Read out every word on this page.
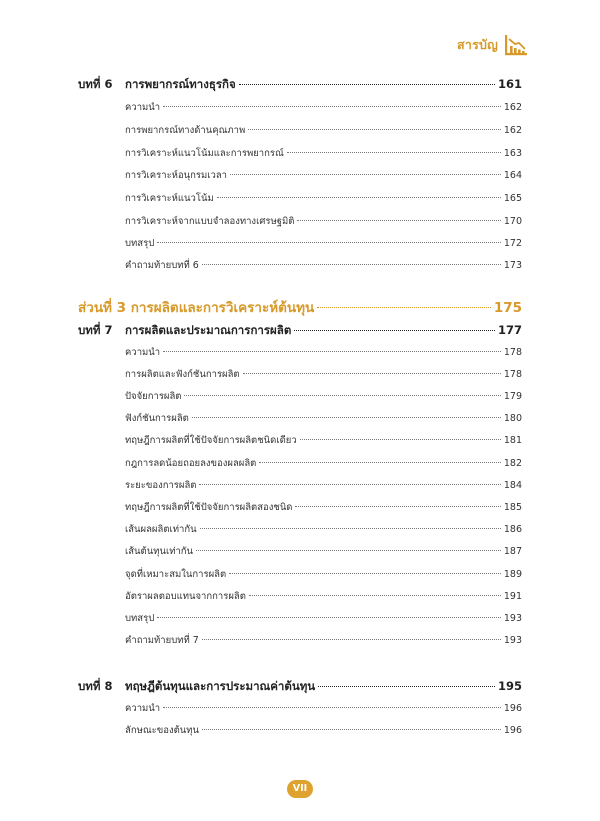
สารบัญ
บทที่ 6	การพยากรณ์ทางธุรกิจ	161
ความนำ	162
การพยากรณ์ทางด้านคุณภาพ	162
การวิเคราะห์แนวโน้มและการพยากรณ์	163
การวิเคราะห์อนุกรมเวลา	164
การวิเคราะห์แนวโน้ม	165
การวิเคราะห์จากแบบจำลองทางเศรษฐมิติ	170
บทสรุป	172
คำถามท้ายบทที่ 6	173
ส่วนที่ 3 การผลิตและการวิเคราะห์ต้นทุน	175
บทที่ 7	การผลิตและประมาณการการผลิต	177
ความนำ	178
การผลิตและฟังก์ชันการผลิต	178
ปัจจัยการผลิต	179
ฟังก์ชันการผลิต	180
ทฤษฎีการผลิตที่ใช้ปัจจัยการผลิตชนิดเดียว	181
กฎการลดน้อยถอยลงของผลผลิต	182
ระยะของการผลิต	184
ทฤษฎีการผลิตที่ใช้ปัจจัยการผลิตสองชนิด	185
เส้นผลผลิตเท่ากัน	186
เส้นต้นทุนเท่ากัน	187
จุดที่เหมาะสมในการผลิต	189
อัตราผลตอบแทนจากการผลิต	191
บทสรุป	193
คำถามท้ายบทที่ 7	193
บทที่ 8	ทฤษฎีต้นทุนและการประมาณค่าต้นทุน	195
ความนำ	196
ลักษณะของต้นทุน	196
VII
